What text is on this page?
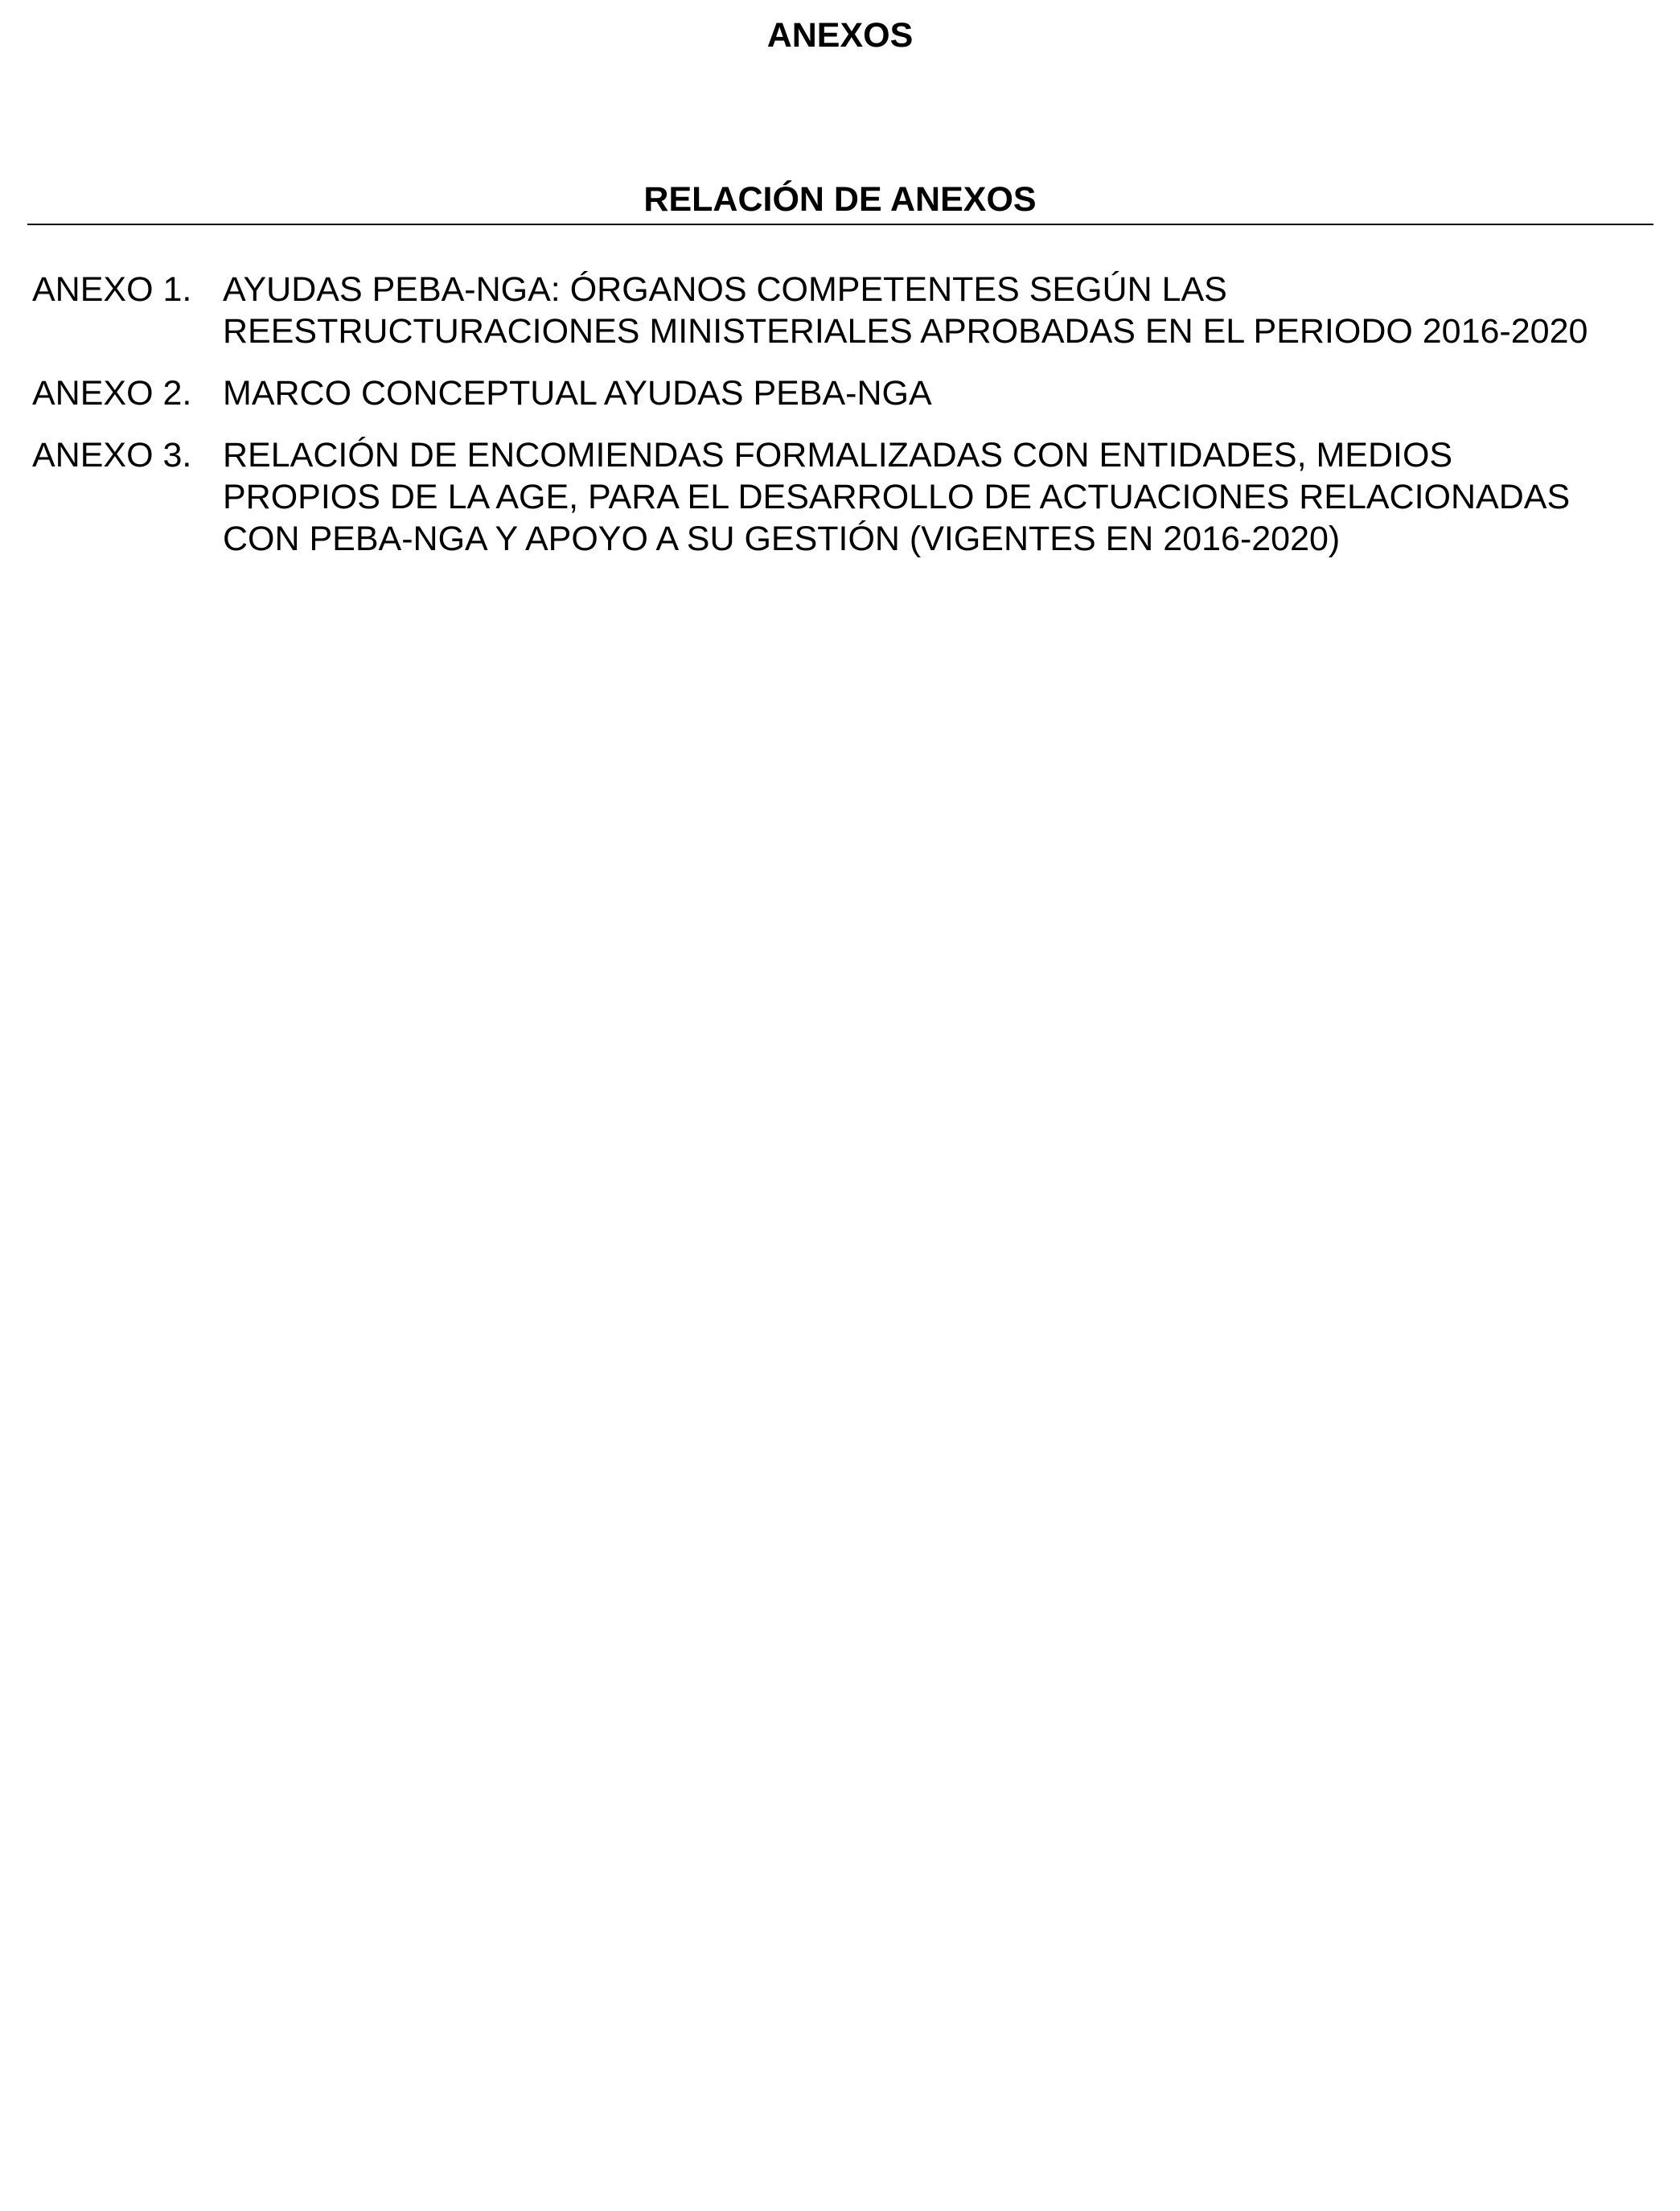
ANEXOS
RELACIÓN DE ANEXOS
ANEXO 1. AYUDAS PEBA-NGA: ÓRGANOS COMPETENTES SEGÚN LAS REESTRUCTURACIONES MINISTERIALES APROBADAS EN EL PERIODO 2016-2020
ANEXO 2. MARCO CONCEPTUAL AYUDAS PEBA-NGA
ANEXO 3. RELACIÓN DE ENCOMIENDAS FORMALIZADAS CON ENTIDADES, MEDIOS PROPIOS DE LA AGE, PARA EL DESARROLLO DE ACTUACIONES RELACIONADAS CON PEBA-NGA Y APOYO A SU GESTIÓN (VIGENTES EN 2016-2020)
